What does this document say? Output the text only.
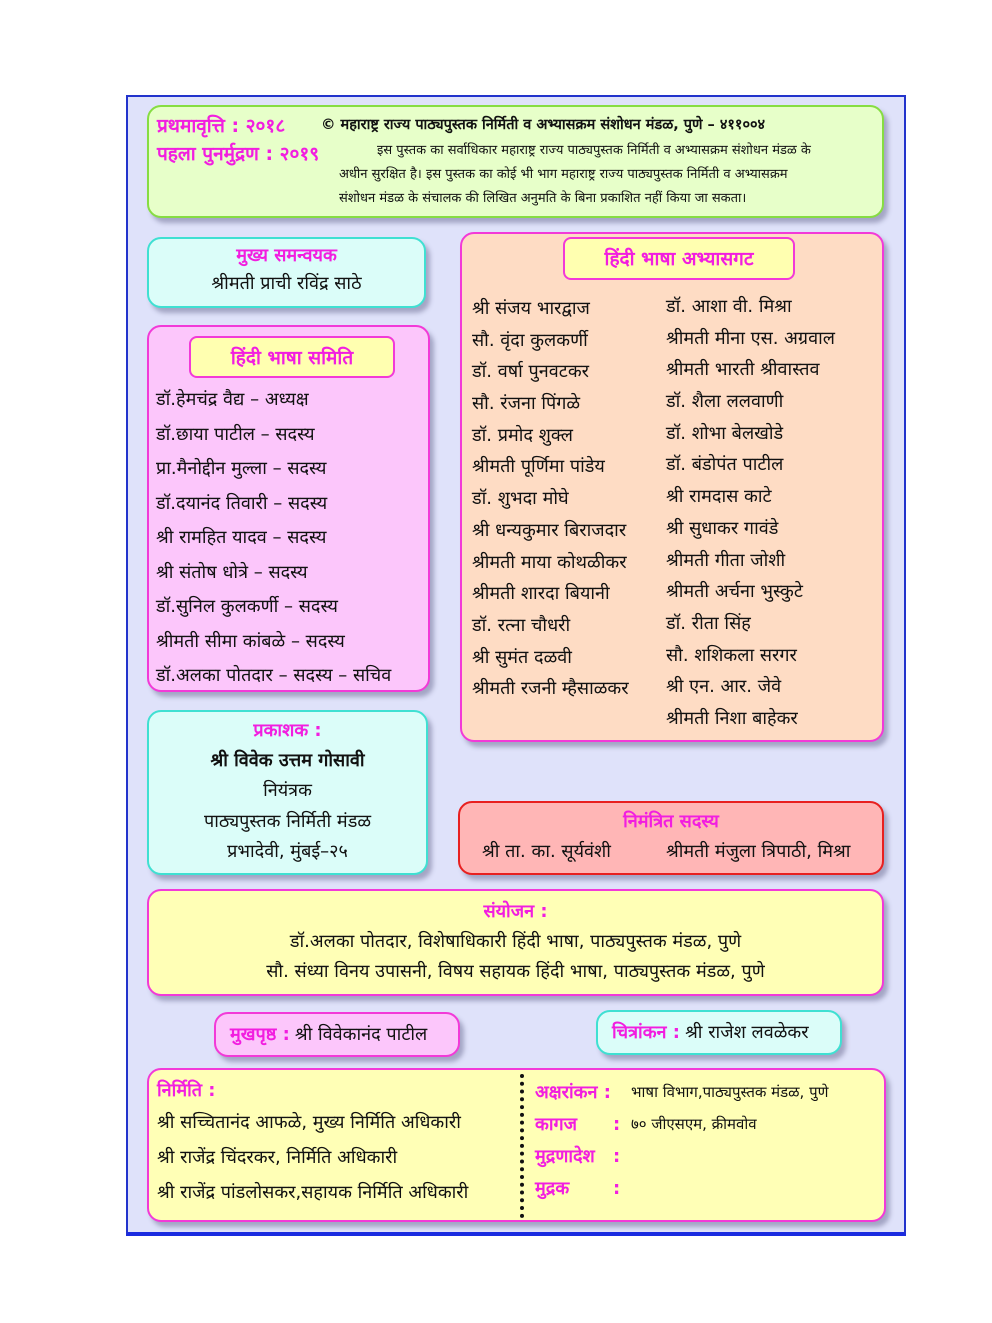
प्रथमावृत्ति : २०१८
पहला पुनर्मुद्रण : २०१९
© महाराष्ट्र राज्य पाठ्यपुस्तक निर्मिती व अभ्यासक्रम संशोधन मंडळ, पुणे – ४११००४
इस पुस्तक का सर्वाधिकार महाराष्ट्र राज्य पाठ्यपुस्तक निर्मिती व अभ्यासक्रम संशोधन मंडळ के
अधीन सुरक्षित है। इस पुस्तक का कोई भी भाग महाराष्ट्र राज्य पाठ्यपुस्तक निर्मिती व अभ्यासक्रम
संशोधन मंडळ के संचालक की लिखित अनुमति के बिना प्रकाशित नहीं किया जा सकता।
मुख्य समन्वयक
श्रीमती प्राची रविंद्र साठे
हिंदी भाषा समिति
डॉ.हेमचंद्र वैद्य – अध्यक्ष
डॉ.छाया पाटील – सदस्य
प्रा.मैनोद्दीन मुल्ला – सदस्य
डॉ.दयानंद तिवारी – सदस्य
श्री रामहित यादव – सदस्य
श्री संतोष धोत्रे – सदस्य
डॉ.सुनिल कुलकर्णी – सदस्य
श्रीमती सीमा कांबळे – सदस्य
डॉ.अलका पोतदार – सदस्य – सचिव
हिंदी भाषा अभ्यासगट
श्री संजय भारद्वाज
सौ. वृंदा कुलकर्णी
डॉ. वर्षा पुनवटकर
सौ. रंजना पिंगळे
डॉ. प्रमोद शुक्ल
श्रीमती पूर्णिमा पांडेय
डॉ. शुभदा मोघे
श्री धन्यकुमार बिराजदार
श्रीमती माया कोथळीकर
श्रीमती शारदा बियानी
डॉ. रत्ना चौधरी
श्री सुमंत दळवी
श्रीमती रजनी म्हैसाळकर
डॉ. आशा वी. मिश्रा
श्रीमती मीना एस. अग्रवाल
श्रीमती भारती श्रीवास्तव
डॉ. शैला ललवाणी
डॉ. शोभा बेलखोडे
डॉ. बंडोपंत पाटील
श्री रामदास काटे
श्री सुधाकर गावंडे
श्रीमती गीता जोशी
श्रीमती अर्चना भुस्कुटे
डॉ. रीता सिंह
सौ. शशिकला सरगर
श्री एन. आर. जेवे
श्रीमती निशा बाहेकर
प्रकाशक :
श्री विवेक उत्तम गोसावी
नियंत्रक
पाठ्यपुस्तक निर्मिती मंडळ
प्रभादेवी, मुंबई–२५
निमंत्रित सदस्य
श्री ता. का. सूर्यवंशी	श्रीमती मंजुला त्रिपाठी, मिश्रा
संयोजन :
डॉ.अलका पोतदार, विशेषाधिकारी हिंदी भाषा, पाठ्यपुस्तक मंडळ, पुणे
सौ. संध्या विनय उपासनी, विषय सहायक हिंदी भाषा, पाठ्यपुस्तक मंडळ, पुणे
मुखपृष्ठ : श्री विवेकानंद पाटील	चित्रांकन : श्री राजेश लवळेकर
निर्मिति :
श्री सच्चितानंद आफळे, मुख्य निर्मिति अधिकारी
श्री राजेंद्र चिंदरकर, निर्मिति अधिकारी
श्री राजेंद्र पांडलोसकर,सहायक निर्मिति अधिकारी
अक्षरांकन : भाषा विभाग,पाठ्यपुस्तक मंडळ, पुणे
कागज : ७० जीएसएम, क्रीमवोव
मुद्रणादेश :
मुद्रक :
